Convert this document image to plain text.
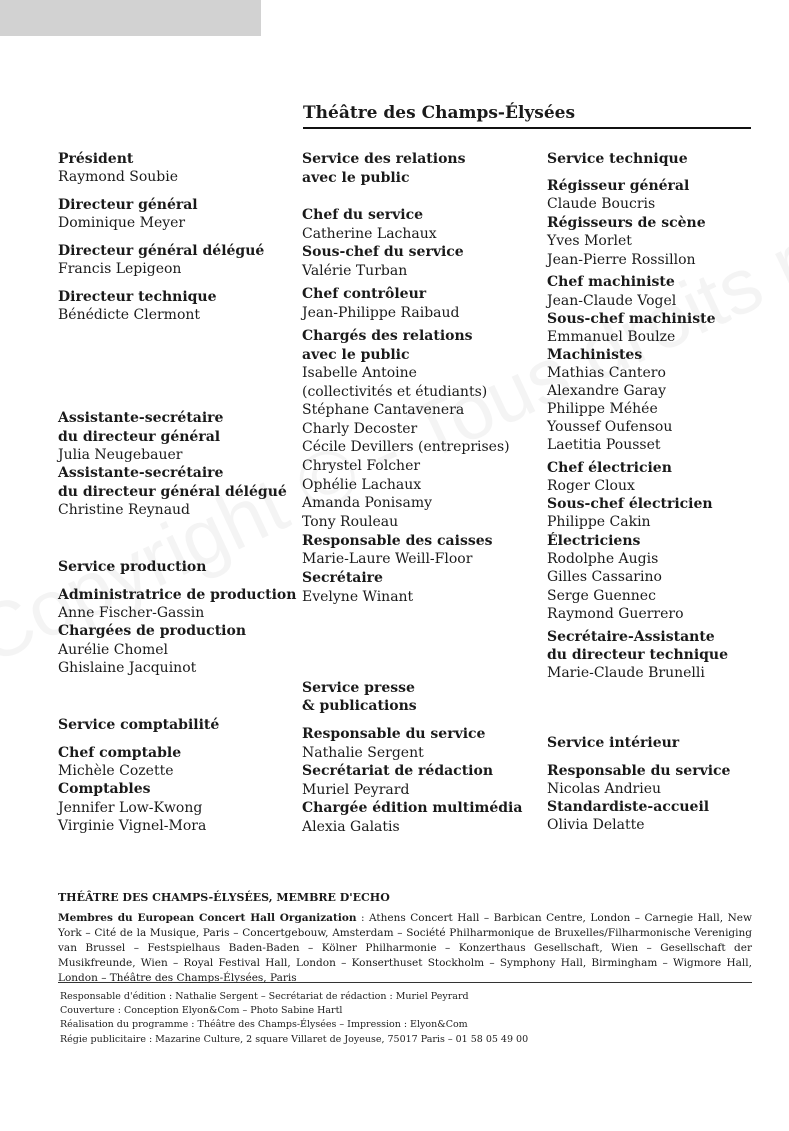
Théâtre des Champs-Élysées

Président

Raymond Soubie

Directeur général

Dominique Meyer

Directeur général délégué

Francis Lepigeon

Directeur technique

Bénédicte Clermont

Assistante-secrétaire

du directeur général

Julia Neugebauer

Assistante-secrétaire

du directeur général délégué

Christine Reynaud

Service production

Administratrice de production

Anne Fischer-Gassin

Chargées de production

Aurélie Chomel

Ghislaine Jacquinot

Service comptabilité

Chef comptable

Michèle Cozette

Comptables

Jennifer Low-Kwong

Virginie Vignel-Mora

Service des relations

avec le public

Chef du service

Catherine Lachaux

Sous-chef du service

Valérie Turban

Chef contrôleur

Jean-Philippe Raibaud

Chargés des relations

avec le public

Isabelle Antoine

(collectivités et étudiants)

Stéphane Cantavenera

Charly Decoster

Cécile Devillers (entreprises)

Chrystel Folcher

Ophélie Lachaux

Amanda Ponisamy

Tony Rouleau

Responsable des caisses

Marie-Laure Weill-Floor

Secrétaire

Evelyne Winant

Service presse

& publications

Responsable du service

Nathalie Sergent

Secrétariat de rédaction

Muriel Peyrard

Chargée édition multimédia

Alexia Galatis

Service technique

Régisseur général

Claude Boucris

Régisseurs de scène

Yves Morlet

Jean-Pierre Rossillon

Chef machiniste

Jean-Claude Vogel

Sous-chef machiniste

Emmanuel Boulze

Machinistes

Mathias Cantero

Alexandre Garay

Philippe Méhée

Youssef Oufensou

Laetitia Pousset

Chef électricien

Roger Cloux

Sous-chef électricien

Philippe Cakin

Électriciens

Rodolphe Augis

Gilles Cassarino

Serge Guennec

Raymond Guerrero

Secrétaire-Assistante

du directeur technique

Marie-Claude Brunelli

Service intérieur

Responsable du service

Nicolas Andrieu

Standardiste-accueil

Olivia Delatte

THÉÂTRE DES CHAMPS-ÉLYSÉES, MEMBRE D'ECHO
Membres du European Concert Hall Organization : Athens Concert Hall – Barbican Centre, London – Carnegie Hall, New York – Cité de la Musique, Paris – Concertgebouw, Amsterdam – Société Philharmonique de Bruxelles/Filharmonische Vereniging van Brussel – Festspielhaus Baden-Baden – Kölner Philharmonie – Konzerthaus Gesellschaft, Wien – Gesellschaft der Musikfreunde, Wien – Royal Festival Hall, London – Konserthuset Stockholm – Symphony Hall, Birmingham – Wigmore Hall, London – Théâtre des Champs-Élysées, Paris

Responsable d'édition : Nathalie Sergent – Secrétariat de rédaction : Muriel Peyrard

Couverture : Conception Elyon&Com – Photo Sabine Hartl

Réalisation du programme : Théâtre des Champs-Élysées – Impression : Elyon&Com

Régie publicitaire : Mazarine Culture, 2 square Villaret de Joyeuse, 75017 Paris – 01 58 05 49 00
